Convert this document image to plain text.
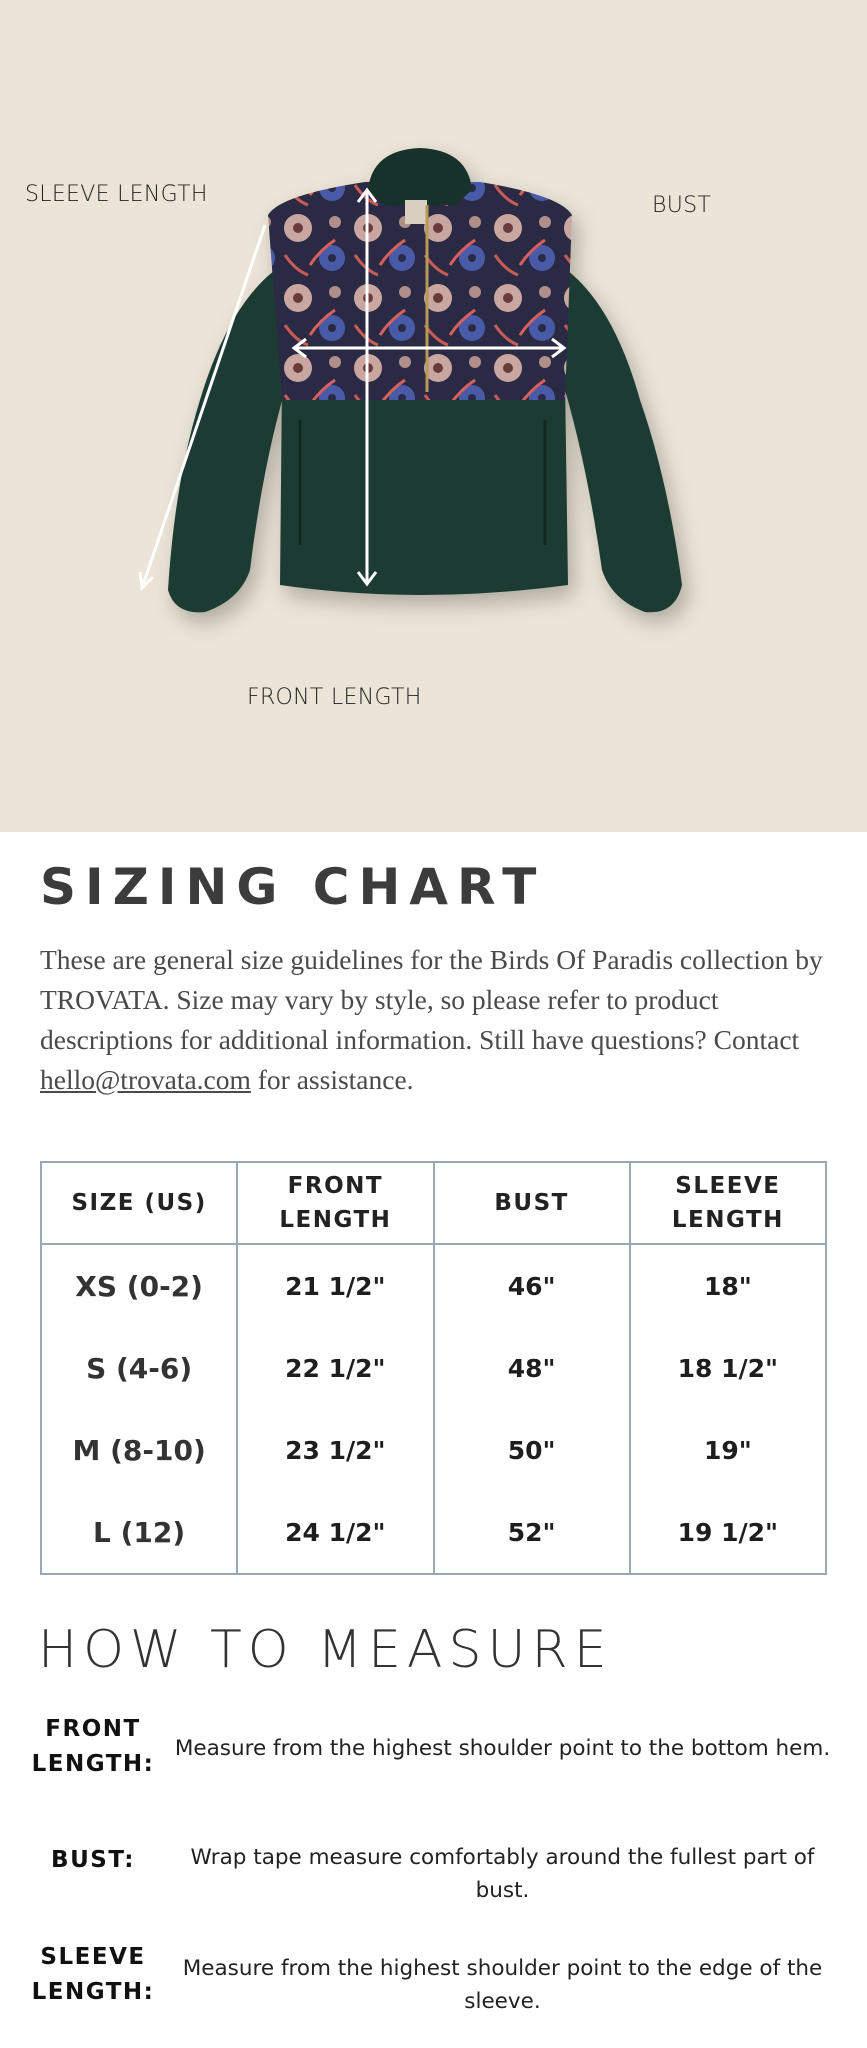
SLEEVE LENGTH	BUST
FRONT LENGTH
SIZING CHART

These are general size guidelines for the Birds Of Paradis collection by TROVATA. Size may vary by style, so please refer to product descriptions for additional information. Still have questions? Contact hello@trovata.com for assistance.

SIZE (US)	FRONT LENGTH	BUST	SLEEVE LENGTH
XS (0-2)	21 1/2"	46"	18"
S (4-6)	22 1/2"	48"	18 1/2"
M (8-10)	23 1/2"	50"	19"
L (12)	24 1/2"	52"	19 1/2"
HOW TO MEASURE
FRONT LENGTH:
Measure from the highest shoulder point to the bottom hem.
BUST:	Wrap tape measure comfortably around the fullest part of bust.
SLEEVE LENGTH:
Measure from the highest shoulder point to the edge of the sleeve.
